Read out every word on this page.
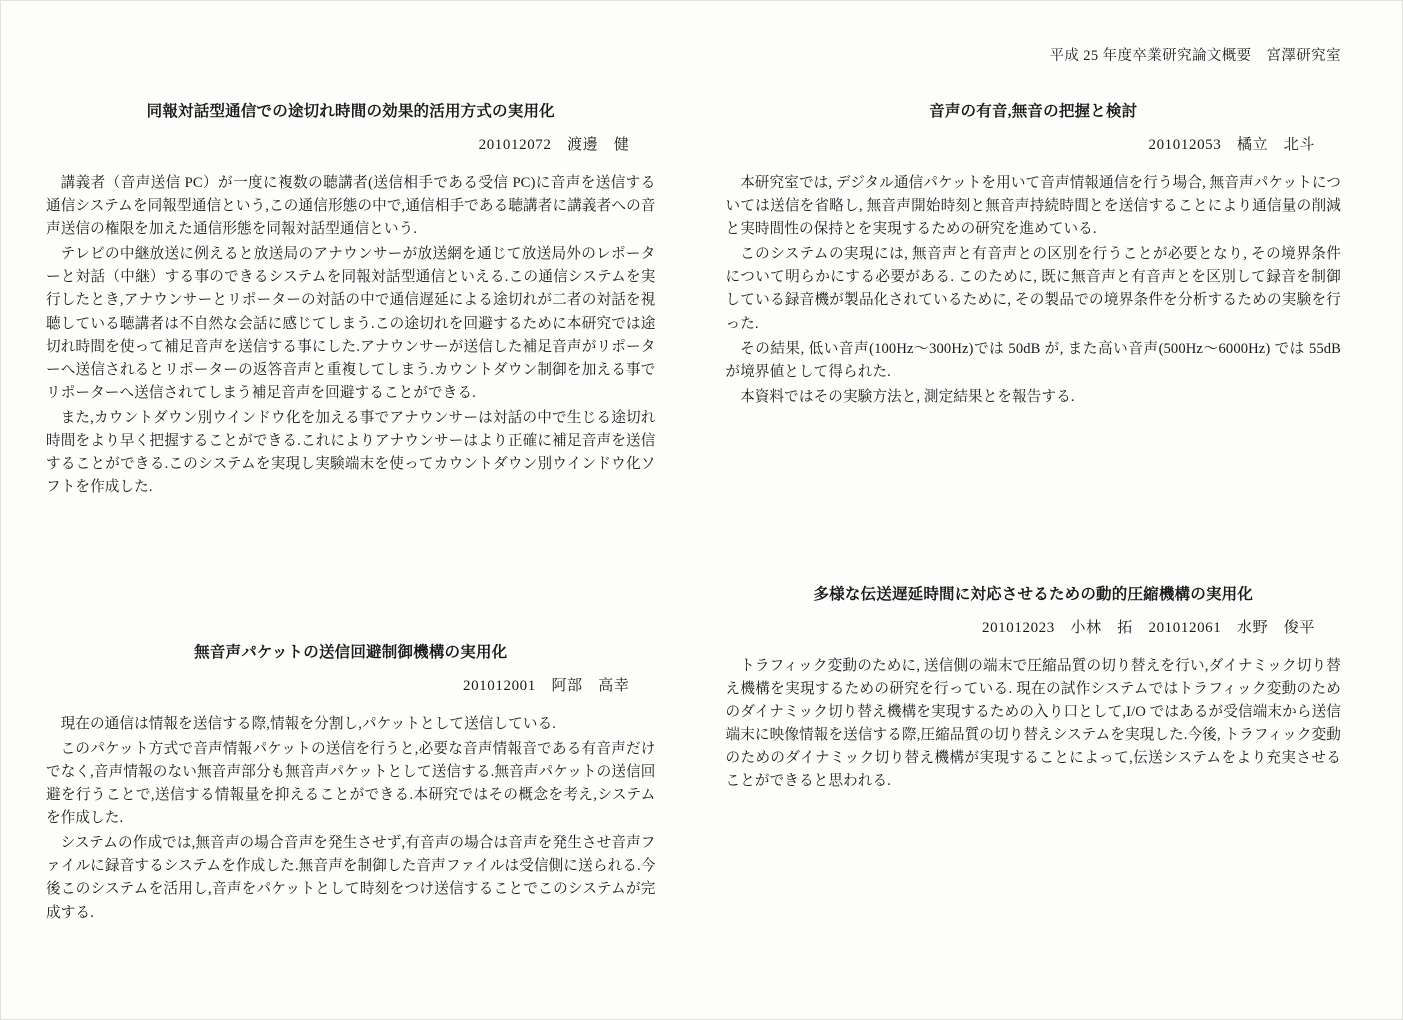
平成 25 年度卒業研究論文概要　宮澤研究室
同報対話型通信での途切れ時間の効果的活用方式の実用化
201012072　渡邊　健

講義者（音声送信 PC）が一度に複数の聴講者(送信相手である受信 PC)に音声を送信する通信システムを同報型通信という,この通信形態の中で,通信相手である聴講者に講義者への音声送信の権限を加えた通信形態を同報対話型通信という.

テレビの中継放送に例えると放送局のアナウンサーが放送網を通じて放送局外のレポーターと対話（中継）する事のできるシステムを同報対話型通信といえる.この通信システムを実行したとき,アナウンサーとリポーターの対話の中で通信遅延による途切れが二者の対話を視聴している聴講者は不自然な会話に感じてしまう.この途切れを回避するために本研究では途切れ時間を使って補足音声を送信する事にした.アナウンサーが送信した補足音声がリポーターへ送信されるとリポーターの返答音声と重複してしまう.カウントダウン制御を加える事でリポーターへ送信されてしまう補足音声を回避することができる.

また,カウントダウン別ウインドウ化を加える事でアナウンサーは対話の中で生じる途切れ時間をより早く把握することができる.これによりアナウンサーはより正確に補足音声を送信することができる.このシステムを実現し実験端末を使ってカウントダウン別ウインドウ化ソフトを作成した.

無音声パケットの送信回避制御機構の実用化
201012001　阿部　高幸

現在の通信は情報を送信する際,情報を分割し,パケットとして送信している.

このパケット方式で音声情報パケットの送信を行うと,必要な音声情報音である有音声だけでなく,音声情報のない無音声部分も無音声パケットとして送信する.無音声パケットの送信回避を行うことで,送信する情報量を抑えることができる.本研究ではその概念を考え,システムを作成した.

システムの作成では,無音声の場合音声を発生させず,有音声の場合は音声を発生させ音声ファイルに録音するシステムを作成した.無音声を制御した音声ファイルは受信側に送られる.今後このシステムを活用し,音声をパケットとして時刻をつけ送信することでこのシステムが完成する.

音声の有音,無音の把握と検討
201012053　橘立　北斗

本研究室では, デジタル通信パケットを用いて音声情報通信を行う場合, 無音声パケットについては送信を省略し, 無音声開始時刻と無音声持続時間とを送信することにより通信量の削減と実時間性の保持とを実現するための研究を進めている.

このシステムの実現には, 無音声と有音声との区別を行うことが必要となり, その境界条件について明らかにする必要がある. このために, 既に無音声と有音声とを区別して録音を制御している録音機が製品化されているために, その製品での境界条件を分析するための実験を行った.

その結果, 低い音声(100Hz〜300Hz)では 50dB が, また高い音声(500Hz〜6000Hz) では 55dB が境界値として得られた.

本資料ではその実験方法と, 測定結果とを報告する.

多様な伝送遅延時間に対応させるための動的圧縮機構の実用化
201012023　小林　拓　201012061　水野　俊平

トラフィック変動のために, 送信側の端末で圧縮品質の切り替えを行い,ダイナミック切り替え機構を実現するための研究を行っている. 現在の試作システムではトラフィック変動のためのダイナミック切り替え機構を実現するための入り口として,I/O ではあるが受信端末から送信端末に映像情報を送信する際,圧縮品質の切り替えシステムを実現した.今後, トラフィック変動のためのダイナミック切り替え機構が実現することによって,伝送システムをより充実させることができると思われる.
